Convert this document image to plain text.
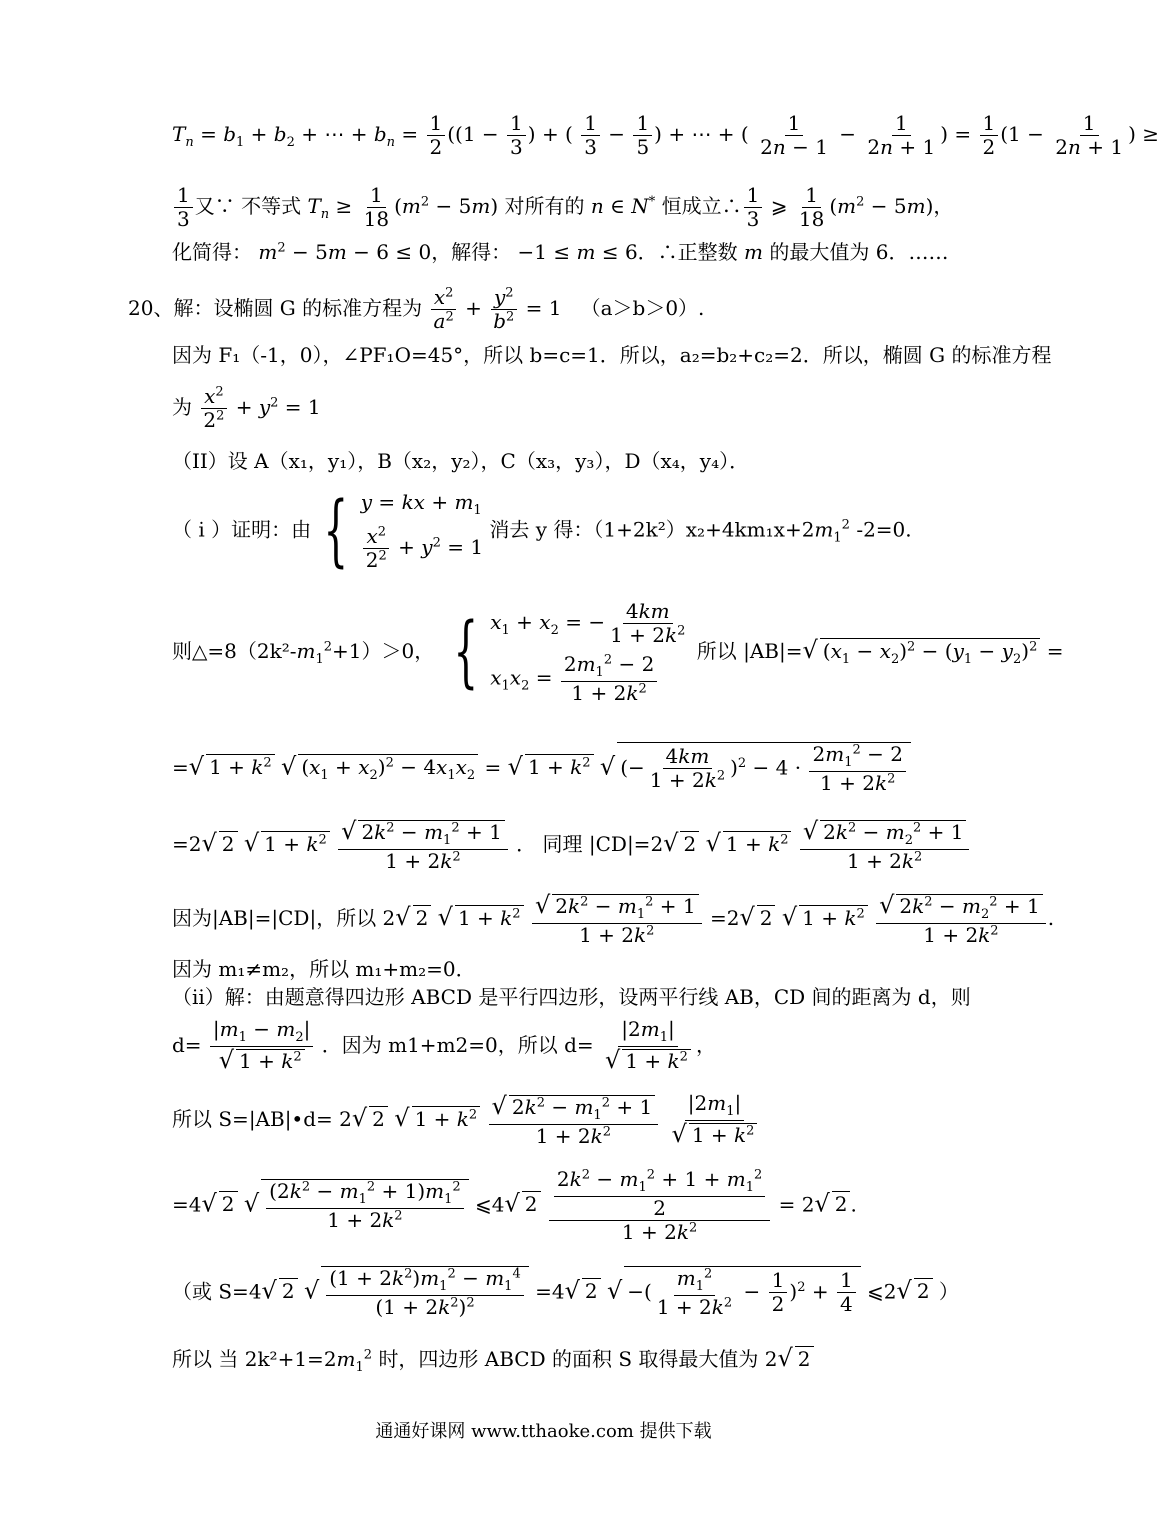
$T_n = b_1 + b_2$ + ⋯ + $b_n = \frac{1}{2} ((1 - \frac{1}{3}$ ) + ( $\frac{1}{3} - \frac{1}{5}$ ) + ⋯ + ( $\frac{1}{2n - 1} - \frac{1}{2n + 1}$ ) = $\frac{1}{2} (1 - \frac{1}{2n + 1}$ ) ≥
$\frac{1}{3}$ 又∵ 不等式 $T_n \ge \frac{1}{18} (m^2 - 5m)$ 对所有的 n ∈ N* 恒成立∴ $\frac{1}{3}$ ⩾ $\frac{1}{18} (m^2 - 5m)$，
化简得： $m^2 - 5m - 6 \le 0$，解得： −1 ≤ m ≤ 6．∴正整数 m 的最大值为 6．……
20、解：设椭圆 G 的标准方程为 $\frac{x^2}{a^2} + \frac{y^2}{b^2} = 1$   （a＞b＞0）.
因为 F₁（-1，0），∠PF₁O=45°，所以 b=c=1．所以，a₂=b₂+c₂=2．所以，椭圆 G 的标准方程
为 $\frac{x^2}{2^2} + y^2 = 1$
（II）设 A（x₁，y₁），B（x₂，y₂），C（x₃，y₃），D（x₄，y₄）．
（ i ）证明：由 { y = kx + $m_1$
$\frac{x^2}{2^2} + y^2 = 1$
消去 y 得：$(1+2k^2)x_2+4km_1x+2m_1^2$ -2=0.
则$\triangle=8(2k^2-m_1^2+1)>0$， { $x_1 + x_2$ = − $\frac{4km}{1 + 2k^2}$
$x_1x_2 = \frac{2m_1^2 - 2}{1 + 2k^2}$
所以 |AB|=√ $(x_1 - x_2)^2 - (y_1 - y_2)^2$ =
=√ $1 + k^2$ √ $(x_1 + x_2)^2 - 4x_1x_2$ = √ $1 + k^2$ √ (− $\frac{4km}{1 + 2k^2} )^2 - 4 \cdot \frac{2m_1^2 - 2}{1 + 2k^2}$
=2√ 2 √ $1 + k^2 \frac{√ 2k^2 - m_1^2 + 1}{1 + 2k^2}$ ． 同理 |CD|=2√ 2 √ $1 + k^2 \frac{√ 2k^2 - m_2^2 + 1}{1 + 2k^2}$
因为|AB|=|CD|，所以 2√ 2 √ $1 + k^2 \frac{√ 2k^2 - m_1^2 + 1}{1 + 2k^2} =2√$ 2 √ $1 + k^2 \frac{√ 2k^2 - m_2^2 + 1}{1 + 2k^2}$ .
因为 m₁≠m₂，所以 m₁+m₂=0．
（ii）解：由题意得四边形 ABCD 是平行四边形，设两平行线 AB，CD 间的距离为 d，则
$d= \frac{|m_1 - m_2|}{√ 1 + k^2}$ ．因为 m1+m2=0，所以 $d= \frac{|2m_1|}{√ 1 + k^2}$ ，
所以 S=|AB|•d= 2√ 2 √ $1 + k^2 \frac{√ 2k^2 - m_1^2 + 1}{1 + 2k^2}$
$\frac{|2m_1|}{√ 1 + k^2}$
=4√ 2 √ $\frac{(2k^2 - m_1^2 + 1)m_1^2}{1 + 2k^2}$ ⩽4√ $2 \frac{\frac{2k^2 - m_1^2 + 1 + m_1^2}{2}}{1 + 2k^2} = 2√$ 2 .
（或 S=4√ 2 √ $\frac{(1 + 2k^2)m_1^2 - m_1^4}{(1 + 2k^2)^2} =4√$ 2 √ −( $\frac{m_1^2}{1 + 2k^2} - \frac{1}{2} )^2 + \frac{1}{4}$ ⩽2√ 2 ）
所以 当 $2k^2+1=2m_1^2$ 时，四边形 ABCD 的面积 S 取得最大值为 2√ 2
通通好课网 www.tthaoke.com 提供下载
